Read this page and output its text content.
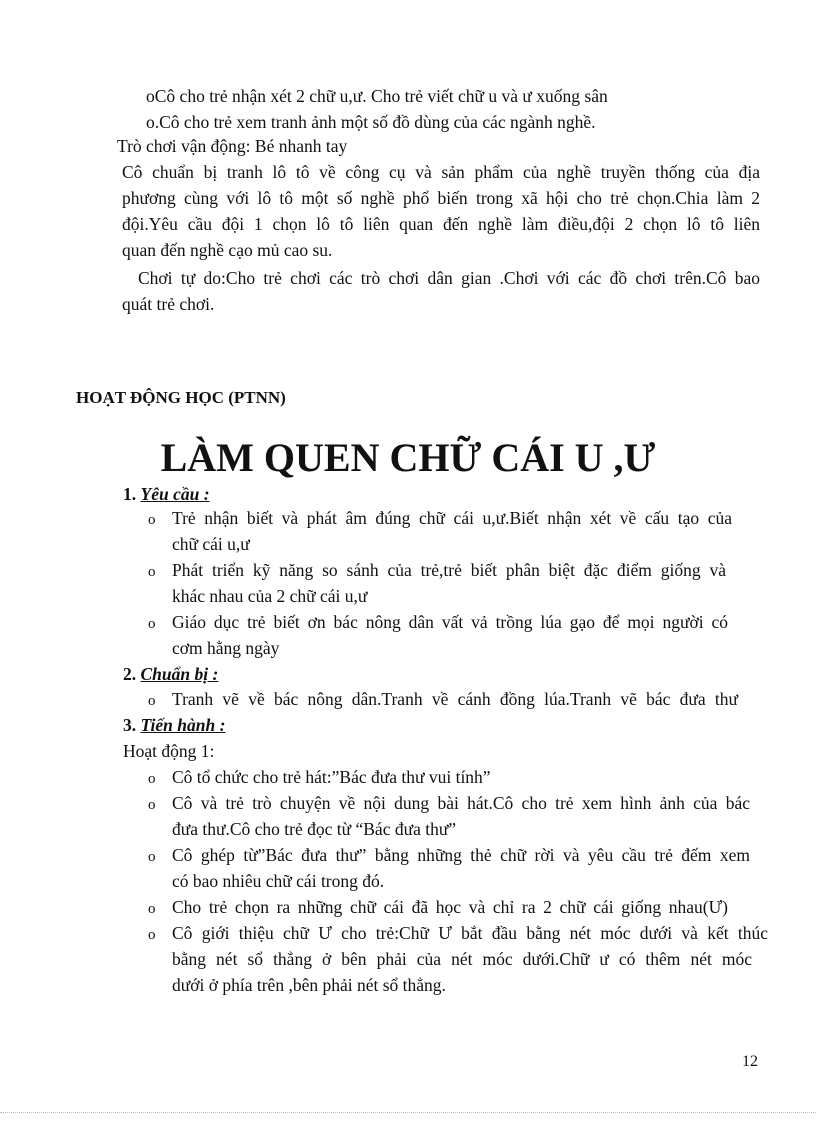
oCô cho trẻ nhận xét 2 chữ u,ư. Cho trẻ viết chữ u và ư xuống sân
o.Cô cho trẻ xem tranh ảnh một số đồ dùng của các ngành nghề.
Trò chơi vận động: Bé nhanh tay
Cô chuẩn bị tranh lô tô về công cụ và sản phẩm của nghề truyền thống của địa
phương cùng với lô tô một số nghề phổ biến trong xã hội cho trẻ chọn.Chia làm 2
đội.Yêu cầu đội 1 chọn lô tô liên quan đến nghề làm điều,đội 2 chọn lô tô liên
quan đến nghề cạo mủ cao su.
Chơi tự do:Cho trẻ chơi các trò chơi dân gian .Chơi với các đồ chơi trên.Cô bao
quát trẻ chơi.
HOẠT ĐỘNG HỌC (PTNN)
LÀM QUEN CHỮ CÁI U ,Ư
1. Yêu cầu :
o Trẻ nhận biết và phát âm đúng chữ cái u,ư.Biết nhận xét về cấu tạo của
chữ cái u,ư
o Phát triển kỹ năng so sánh của trẻ,trẻ biết phân biệt đặc điểm giống và
khác nhau của 2 chữ cái u,ư
o Giáo dục trẻ biết ơn bác nông dân vất vả trồng lúa gạo để mọi người có
cơm hằng ngày
2. Chuẩn bị :
o Tranh vẽ về bác nông dân.Tranh về cánh đồng lúa.Tranh vẽ bác đưa thư
3. Tiến hành :
Hoạt động 1:
o Cô tổ chức cho trẻ hát:”Bác đưa thư vui tính”
o Cô và trẻ trò chuyện về nội dung bài hát.Cô cho trẻ xem hình ảnh của bác
đưa thư.Cô cho trẻ đọc từ “Bác đưa thư”
o Cô ghép từ”Bác đưa thư” bằng những thẻ chữ rời và yêu cầu trẻ đếm xem
có bao nhiêu chữ cái trong đó.
o Cho trẻ chọn ra những chữ cái đã học và chỉ ra 2 chữ cái giống nhau(Ư)
o Cô giới thiệu chữ Ư cho trẻ:Chữ Ư bắt đầu bằng nét móc dưới và kết thúc
bằng nét sổ thẳng ở bên phải của nét móc dưới.Chữ ư có thêm nét móc
dưới ở phía trên ,bên phải nét sổ thẳng.
12
